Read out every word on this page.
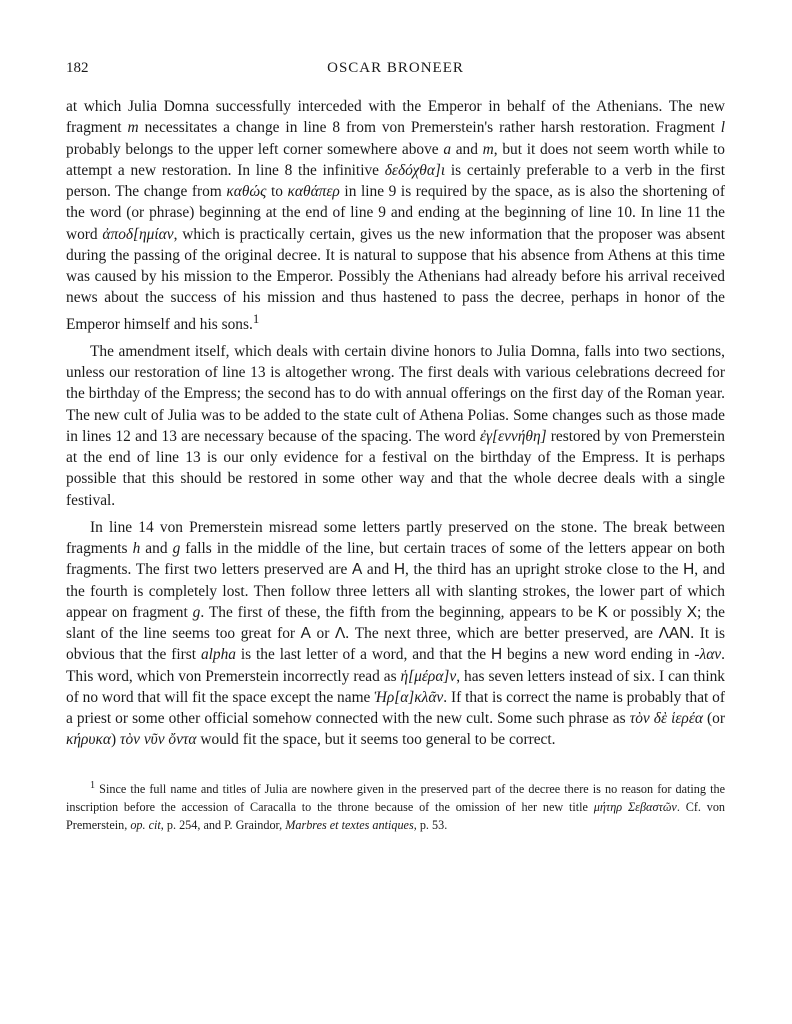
182	OSCAR BRONEER

at which Julia Domna successfully interceded with the Emperor in behalf of the Athenians. The new fragment m necessitates a change in line 8 from von Premerstein's rather harsh restoration. Fragment l probably belongs to the upper left corner somewhere above a and m, but it does not seem worth while to attempt a new restoration. In line 8 the infinitive δεδόχθα]ι is certainly preferable to a verb in the first person. The change from καθώς to καθάπερ in line 9 is required by the space, as is also the shortening of the word (or phrase) beginning at the end of line 9 and ending at the beginning of line 10. In line 11 the word ἀποδ[ημίαν, which is practically certain, gives us the new information that the proposer was absent during the passing of the original decree. It is natural to suppose that his absence from Athens at this time was caused by his mission to the Emperor. Possibly the Athenians had already before his arrival received news about the success of his mission and thus hastened to pass the decree, perhaps in honor of the Emperor himself and his sons.$^1$

The amendment itself, which deals with certain divine honors to Julia Domna, falls into two sections, unless our restoration of line 13 is altogether wrong. The first deals with various celebrations decreed for the birthday of the Empress; the second has to do with annual offerings on the first day of the Roman year. The new cult of Julia was to be added to the state cult of Athena Polias. Some changes such as those made in lines 12 and 13 are necessary because of the spacing. The word ἐγ[εννήθη] restored by von Premerstein at the end of line 13 is our only evidence for a festival on the birthday of the Empress. It is perhaps possible that this should be restored in some other way and that the whole decree deals with a single festival.

In line 14 von Premerstein misread some letters partly preserved on the stone. The break between fragments h and g falls in the middle of the line, but certain traces of some of the letters appear on both fragments. The first two letters preserved are A and H, the third has an upright stroke close to the H, and the fourth is completely lost. Then follow three letters all with slanting strokes, the lower part of which appear on fragment g. The first of these, the fifth from the beginning, appears to be K or possibly X; the slant of the line seems too great for A or Λ. The next three, which are better preserved, are ΛAN. It is obvious that the first alpha is the last letter of a word, and that the H begins a new word ending in -λαν. This word, which von Premerstein incorrectly read as ἡ[μέρα]ν, has seven letters instead of six. I can think of no word that will fit the space except the name Ἡρ[α]κλᾶν. If that is correct the name is probably that of a priest or some other official somehow connected with the new cult. Some such phrase as τὸν δὲ ἱερέα (or κήρυκα) τὸν νῦν ὄντα would fit the space, but it seems too general to be correct.

$^1$ Since the full name and titles of Julia are nowhere given in the preserved part of the decree there is no reason for dating the inscription before the accession of Caracalla to the throne because of the omission of her new title μήτηρ Σεβαστῶν. Cf. von Premerstein, op. cit, p. 254, and P. Graindor, Marbres et textes antiques, p. 53.
